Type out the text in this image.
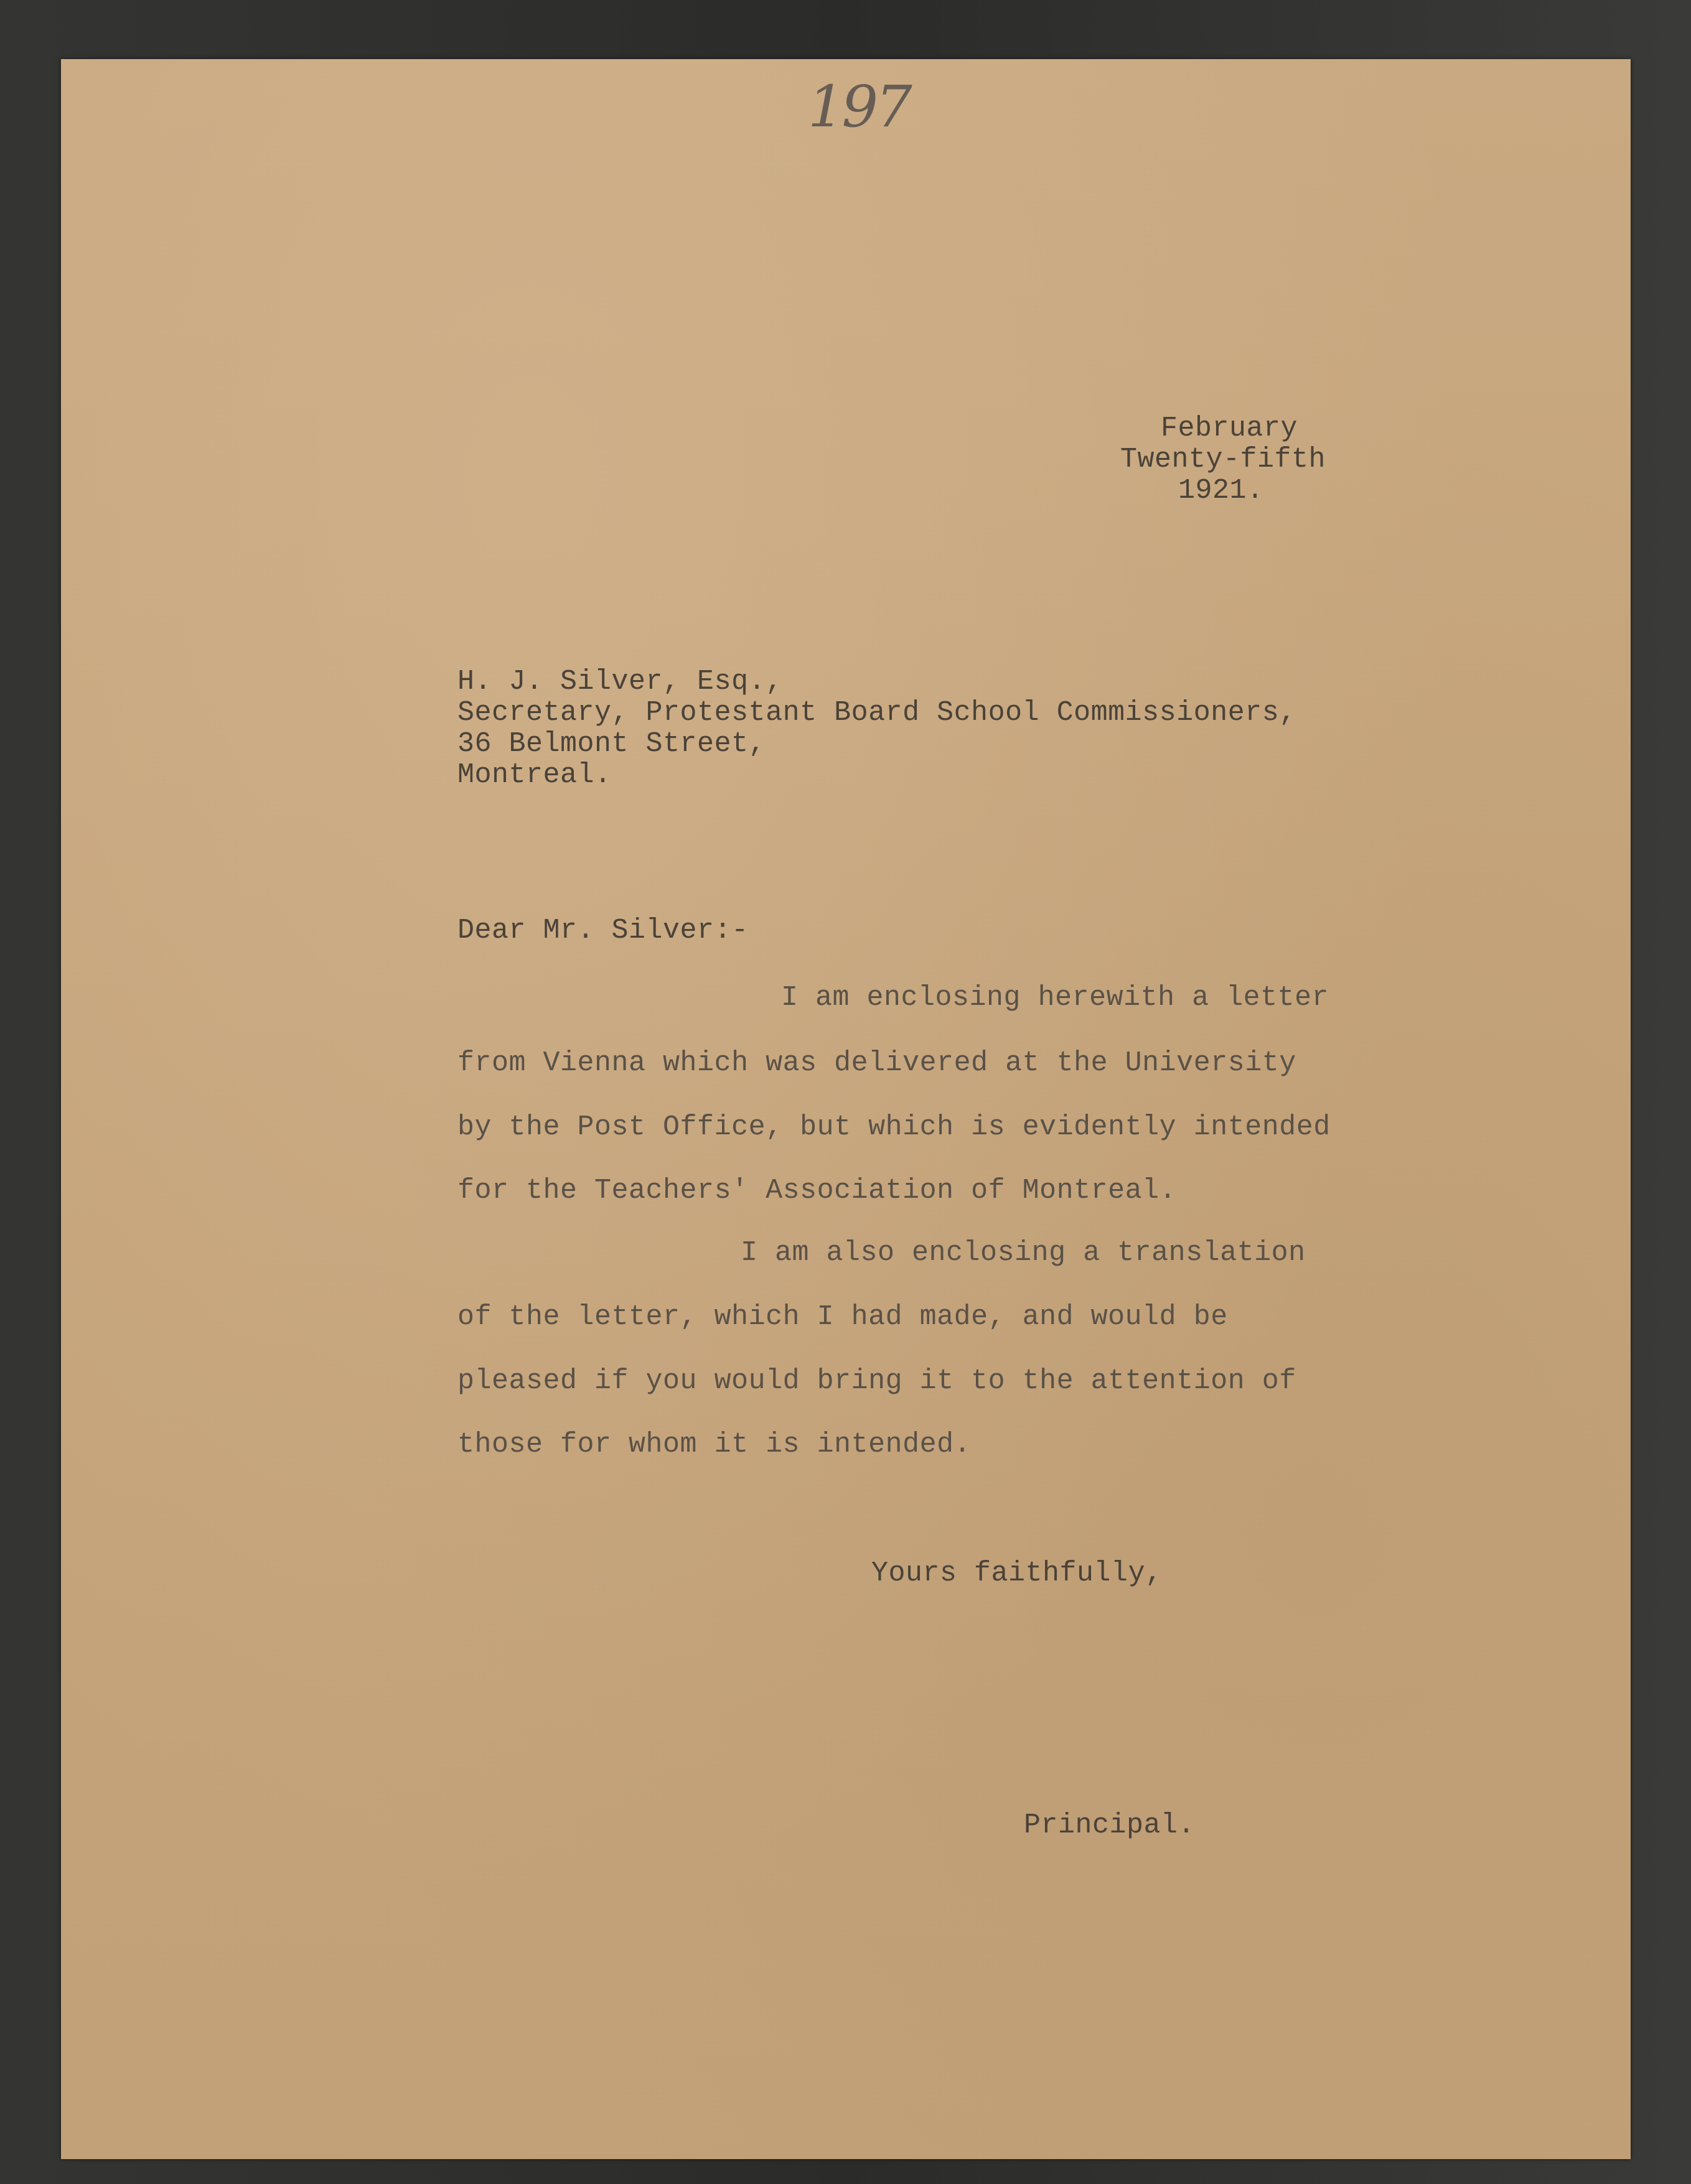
197
February
Twenty-fifth
1921.
H. J. Silver, Esq.,
Secretary, Protestant Board School Commissioners,
36 Belmont Street,
Montreal.
Dear Mr. Silver:-
I am enclosing herewith a letter
from Vienna which was delivered at the University
by the Post Office, but which is evidently intended
for the Teachers' Association of Montreal.
I am also enclosing a translation
of the letter, which I had made, and would be
pleased if you would bring it to the attention of
those for whom it is intended.
Yours faithfully,
Principal.
